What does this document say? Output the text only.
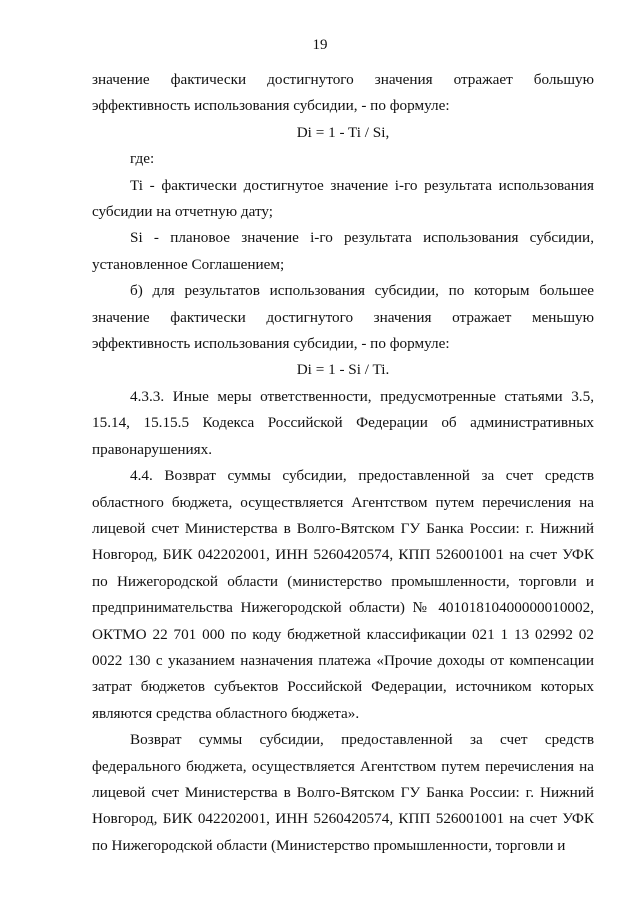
19

значение фактически достигнутого значения отражает большую эффективность использования субсидии, - по формуле:

Di = 1 - Ti / Si,

где:

Ti - фактически достигнутое значение i-го результата использования субсидии на отчетную дату;

Si - плановое значение i-го результата использования субсидии, установленное Соглашением;

б) для результатов использования субсидии, по которым большее значение фактически достигнутого значения отражает меньшую эффективность использования субсидии, - по формуле:

Di = 1 - Si / Ti.

4.3.3. Иные меры ответственности, предусмотренные статьями 3.5, 15.14, 15.15.5 Кодекса Российской Федерации об административных правонарушениях.

4.4. Возврат суммы субсидии, предоставленной за счет средств областного бюджета, осуществляется Агентством путем перечисления на лицевой счет Министерства в Волго-Вятском ГУ Банка России: г. Нижний Новгород, БИК 042202001, ИНН 5260420574, КПП 526001001 на счет УФК по Нижегородской области (министерство промышленности, торговли и предпринимательства Нижегородской области) № 40101810400000010002, ОКТМО 22 701 000 по коду бюджетной классификации 021 1 13 02992 02 0022 130 с указанием назначения платежа «Прочие доходы от компенсации затрат бюджетов субъектов Российской Федерации, источником которых являются средства областного бюджета».

Возврат суммы субсидии, предоставленной за счет средств федерального бюджета, осуществляется Агентством путем перечисления на лицевой счет Министерства в Волго-Вятском ГУ Банка России: г. Нижний Новгород, БИК 042202001, ИНН 5260420574, КПП 526001001 на счет УФК по Нижегородской области (Министерство промышленности, торговли и
